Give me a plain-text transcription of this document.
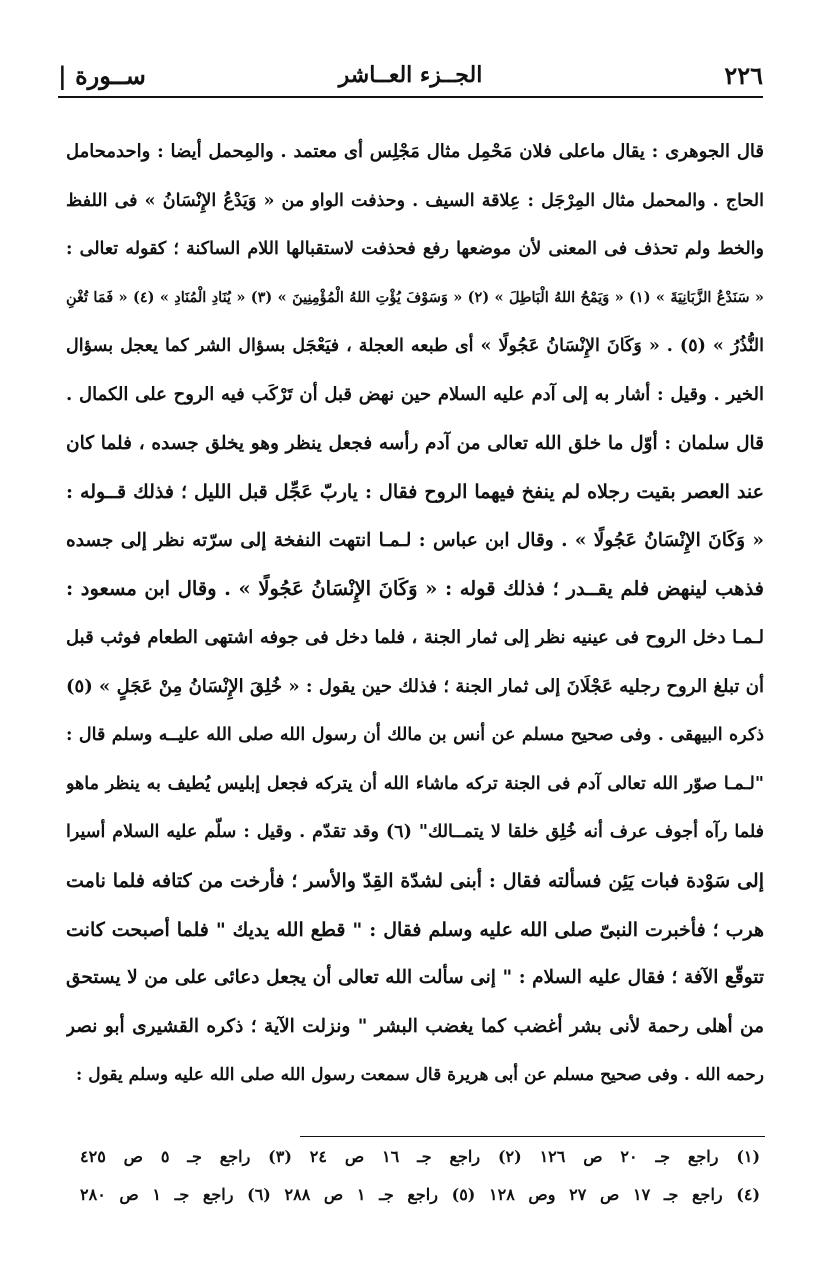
| ســورة	الجــزء العــاشر	٢٢٦
قال الجوهرى : يقال ماعلى فلان مَحْمِل مثال مَجْلِس أى معتمد . والمِحمل أيضا : واحدمحامل
الحاج . والمحمل مثال المِرْجَل : عِلاقة السيف . وحذفت الواو من « وَيَدْعُ الإِنْسَانُ » فى اللفظ
والخط ولم تحذف فى المعنى لأن موضعها رفع فحذفت لاستقبالها اللام الساكنة ؛ كقوله تعالى :
« سَنَدْعُ الزَّبَانِيَةَ » (١) « وَيَمْحُ اللهُ الْبَاطِلَ » (٢) « وَسَوْفَ يُؤْتِ اللهُ الْمُؤْمِنِينَ » (٣) « يُنَادِ الْمُنَادِ » (٤) « فَمَا تُغْنِ
النُّذُرُ » (٥) . « وَكَانَ الإِنْسَانُ عَجُولًا » أى طبعه العجلة ، فيَعْجَل بسؤال الشر كما يعجل بسؤال
الخير . وقيل : أشار به إلى آدم عليه السلام حين نهض قبل أن تَرْكَب فيه الروح على الكمال .
قال سلمان : أوّل ما خلق الله تعالى من آدم رأسه فجعل ينظر وهو يخلق جسده ، فلما كان
عند العصر بقيت رجلاه لم ينفخ فيهما الروح فقال : ياربّ عَجِّل قبل الليل ؛ فذلك قــوله :
« وَكَانَ الإِنْسَانُ عَجُولًا » . وقال ابن عباس : لـمـا انتهت النفخة إلى سرّته نظر إلى جسده
فذهب لينهض فلم يقــدر ؛ فذلك قوله : « وَكَانَ الإِنْسَانُ عَجُولًا » . وقال ابن مسعود :
لـمـا دخل الروح فى عينيه نظر إلى ثمار الجنة ، فلما دخل فى جوفه اشتهى الطعام فوثب قبل
أن تبلغ الروح رجليه عَجْلَانَ إلى ثمار الجنة ؛ فذلك حين يقول : « خُلِقَ الإِنْسَانُ مِنْ عَجَلٍ » (٥)
ذكره البيهقى . وفى صحيح مسلم عن أنس بن مالك أن رسول الله صلى الله عليــه وسلم قال :
"لـمـا صوّر الله تعالى آدم فى الجنة تركه ماشاء الله أن يتركه فجعل إبليس يُطيف به ينظر ماهو
فلما رآه أجوف عرف أنه خُلِق خلقا لا يتمــالك" (٦) وقد تقدّم . وقيل : سلّم عليه السلام أسيرا
إلى سَوْدة فبات يَئِن فسألته فقال : أبنى لشدّة القِدّ والأسر ؛ فأرخت من كتافه فلما نامت
هرب ؛ فأخبرت النبىّ صلى الله عليه وسلم فقال : " قطع الله يديك " فلما أصبحت كانت
تتوقّع الآفة ؛ فقال عليه السلام : " إنى سألت الله تعالى أن يجعل دعائى على من لا يستحق
من أهلى رحمة لأنى بشر أغضب كما يغضب البشر " ونزلت الآية ؛ ذكره القشيرى أبو نصر
رحمه الله . وفى صحيح مسلم عن أبى هريرة قال سمعت رسول الله صلى الله عليه وسلم يقول :
(١) راجع جـ ٢٠ ص ١٢٦ (٢) راجع جـ ١٦ ص ٢٤ (٣) راجع جـ ٥ ص ٤٢٥
(٤) راجع جـ ١٧ ص ٢٧ وص ١٢٨ (٥) راجع جـ ١ ص ٢٨٨ (٦) راجع جـ ١ ص ٢٨٠
